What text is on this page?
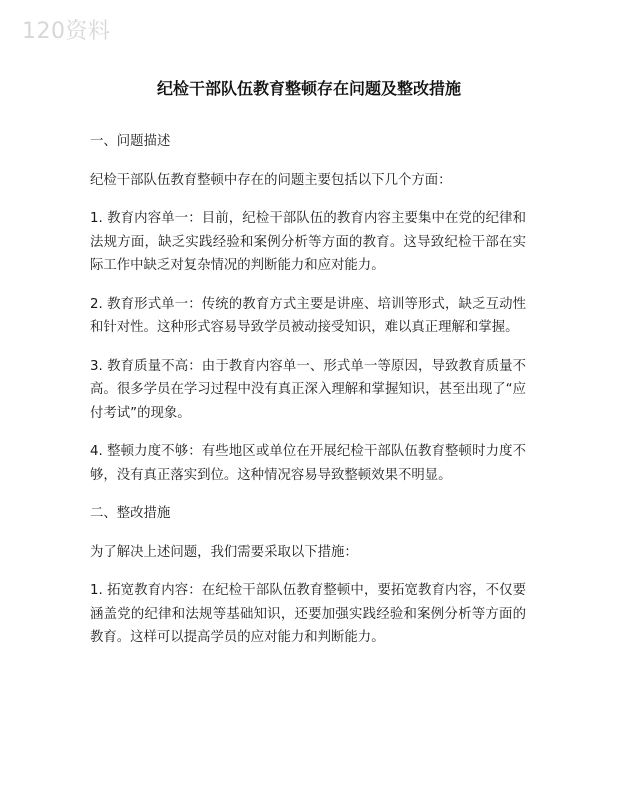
120资料
纪检干部队伍教育整顿存在问题及整改措施

一、问题描述

纪检干部队伍教育整顿中存在的问题主要包括以下几个方面：

1. 教育内容单一：目前，纪检干部队伍的教育内容主要集中在党的纪律和法规方面，缺乏实践经验和案例分析等方面的教育。这导致纪检干部在实际工作中缺乏对复杂情况的判断能力和应对能力。

2. 教育形式单一：传统的教育方式主要是讲座、培训等形式，缺乏互动性和针对性。这种形式容易导致学员被动接受知识，难以真正理解和掌握。

3. 教育质量不高：由于教育内容单一、形式单一等原因，导致教育质量不高。很多学员在学习过程中没有真正深入理解和掌握知识，甚至出现了“应付考试”的现象。

4. 整顿力度不够：有些地区或单位在开展纪检干部队伍教育整顿时力度不够，没有真正落实到位。这种情况容易导致整顿效果不明显。

二、整改措施

为了解决上述问题，我们需要采取以下措施：

1. 拓宽教育内容：在纪检干部队伍教育整顿中，要拓宽教育内容，不仅要涵盖党的纪律和法规等基础知识，还要加强实践经验和案例分析等方面的教育。这样可以提高学员的应对能力和判断能力。
